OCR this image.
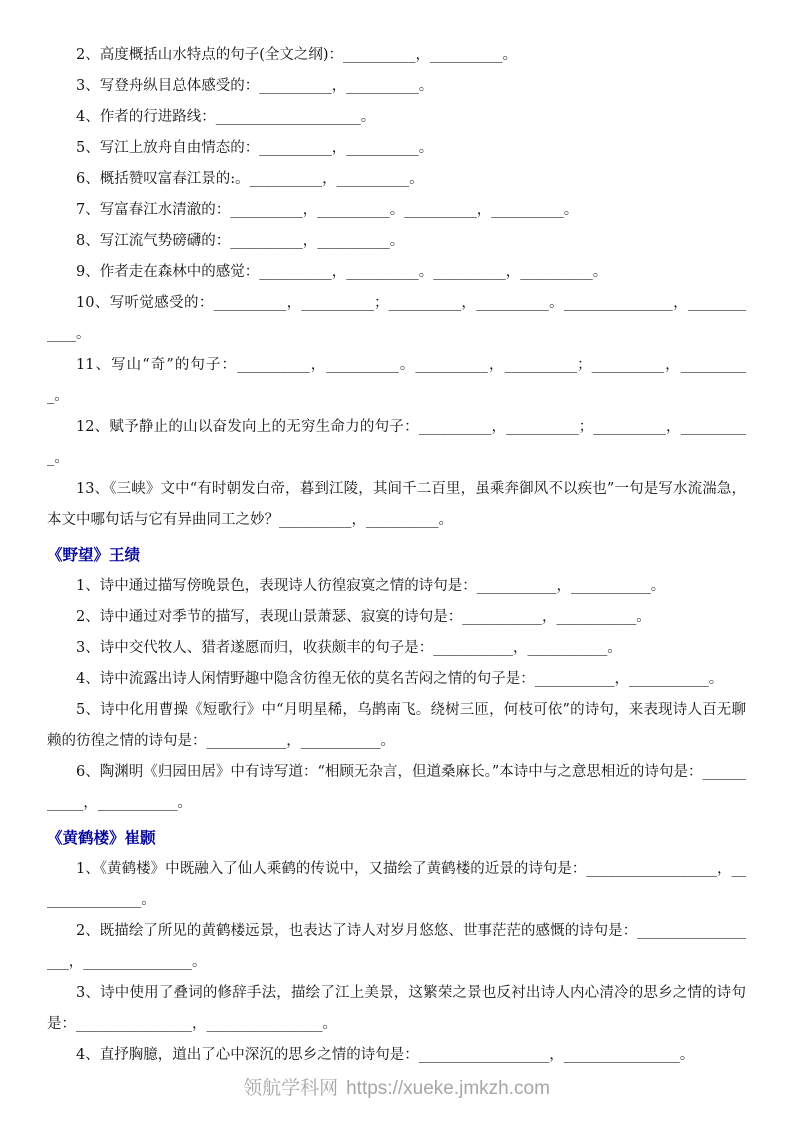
2、高度概括山水特点的句子(全文之纲)：__________，__________。

3、写登舟纵目总体感受的：__________，__________。

4、作者的行进路线：____________________。

5、写江上放舟自由情态的：__________，__________。

6、概括赞叹富春江景的:。__________，__________。

7、写富春江水清澈的：__________，__________。__________，__________。

8、写江流气势磅礴的：__________，__________。

9、作者走在森林中的感觉：__________，__________。__________，__________。

10、写听觉感受的：__________，__________；__________，__________。_______________，____________。

11、写山“奇”的句子：__________，__________。__________，__________；__________，__________。

12、赋予静止的山以奋发向上的无穷生命力的句子：__________，__________；__________，__________。

13、《三峡》文中“有时朝发白帝，暮到江陵，其间千二百里，虽乘奔御风不以疾也”一句是写水流湍急，本文中哪句话与它有异曲同工之妙？__________，__________。

《野望》王绩

1、诗中通过描写傍晚景色，表现诗人彷徨寂寞之情的诗句是：___________，___________。

2、诗中通过对季节的描写，表现山景萧瑟、寂寞的诗句是：___________，___________。

3、诗中交代牧人、猎者遂愿而归，收获颇丰的句子是：___________，___________。

4、诗中流露出诗人闲情野趣中隐含彷徨无依的莫名苦闷之情的句子是：___________，___________。

5、诗中化用曹操《短歌行》中“月明星稀，乌鹊南飞。绕树三匝，何枝可依”的诗句，来表现诗人百无聊赖的彷徨之情的诗句是：___________，___________。

6、陶渊明《归园田居》中有诗写道：“相顾无杂言，但道桑麻长。”本诗中与之意思相近的诗句是：___________，___________。

《黄鹤楼》崔颢

1、《黄鹤楼》中既融入了仙人乘鹤的传说中，又描绘了黄鹤楼的近景的诗句是：__________________，_______________。

2、既描绘了所见的黄鹤楼远景，也表达了诗人对岁月悠悠、世事茫茫的感慨的诗句是：__________________，_______________。

3、诗中使用了叠词的修辞手法，描绘了江上美景，这繁荣之景也反衬出诗人内心清冷的思乡之情的诗句是：________________，________________。

4、直抒胸臆，道出了心中深沉的思乡之情的诗句是：__________________，________________。

领航学科网 https://xueke.jmkzh.com
